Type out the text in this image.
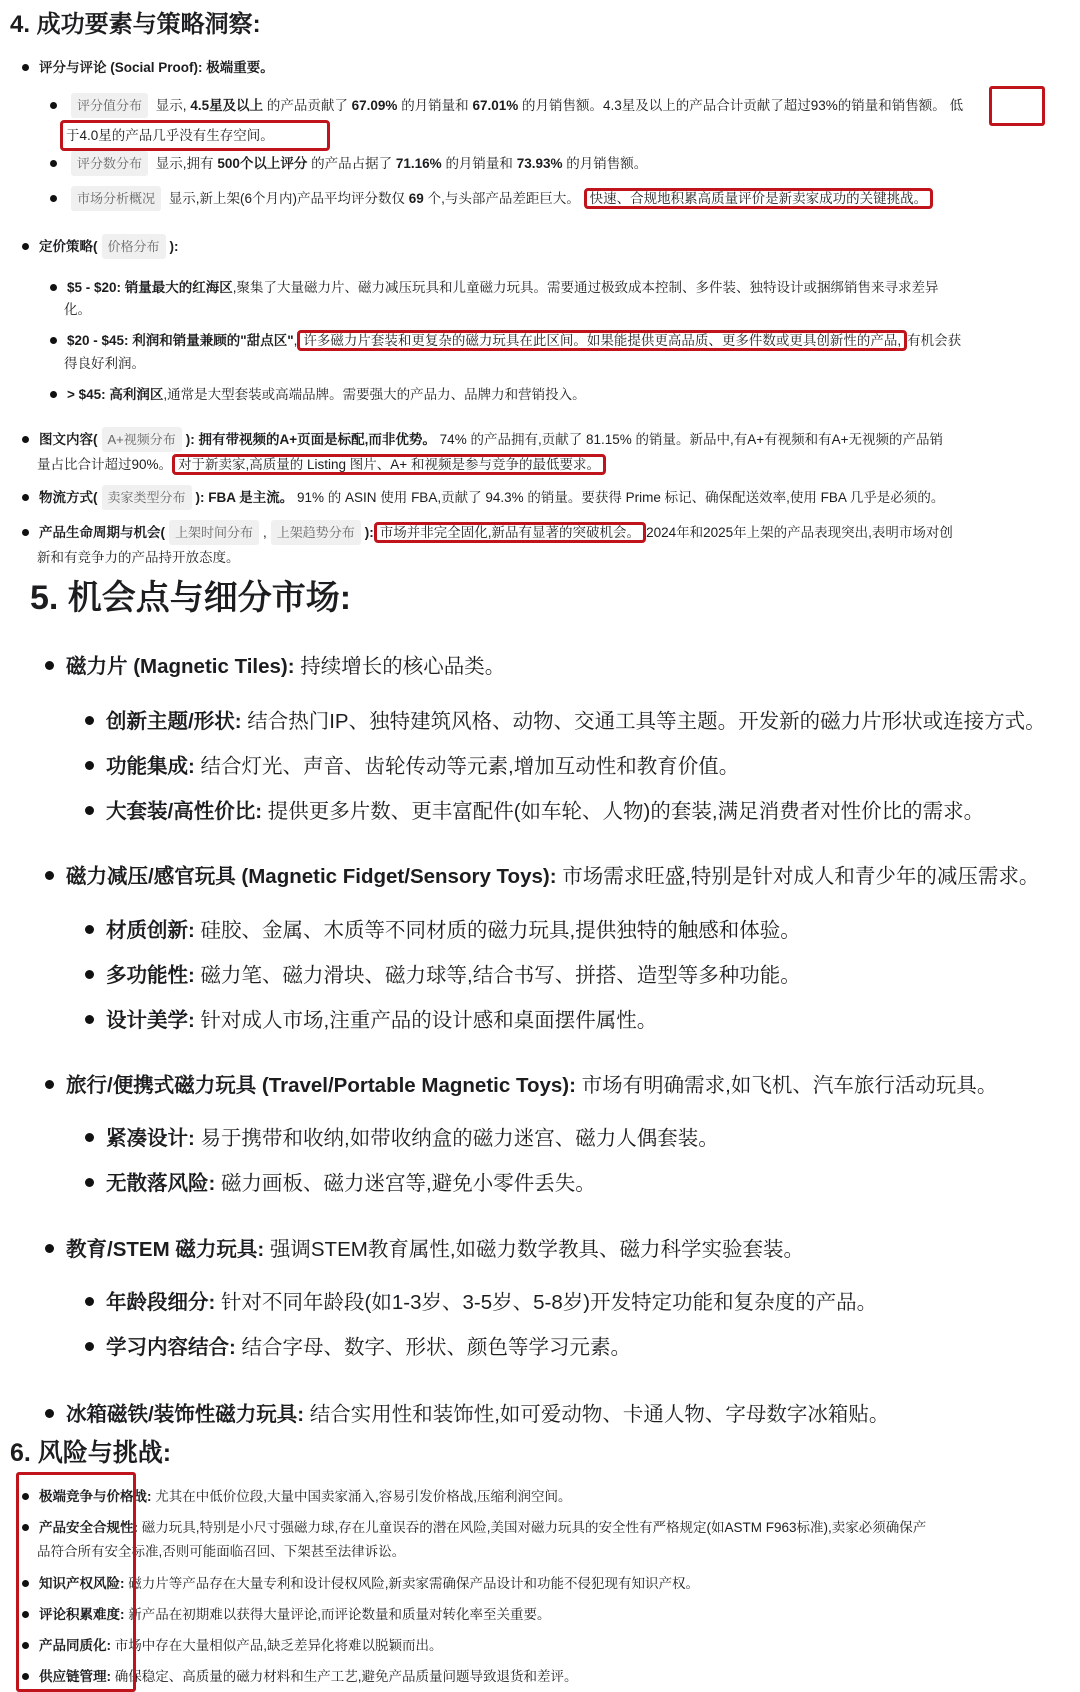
4. 成功要素与策略洞察:
评分与评论 (Social Proof): 极端重要。
评分值分布 显示, 4.5星及以上 的产品贡献了 67.09% 的月销量和 67.01% 的月销售额。4.3星及以上的产品合计贡献了超过93%的销量和销售额。 低
于4.0星的产品几乎没有生存空间。
评分数分布 显示,拥有 500个以上评分 的产品占据了 71.16% 的月销量和 73.93% 的月销售额。
市场分析概况 显示,新上架(6个月内)产品平均评分数仅 69 个,与头部产品差距巨大。 快速、合规地积累高质量评价是新卖家成功的关键挑战。
定价策略( 价格分布 ):
$5 - $20: 销量最大的红海区,聚集了大量磁力片、磁力减压玩具和儿童磁力玩具。需要通过极致成本控制、多件装、独特设计或捆绑销售来寻求差异
化。
$20 - $45: 利润和销量兼顾的"甜点区", 许多磁力片套装和更复杂的磁力玩具在此区间。如果能提供更高品质、更多件数或更具创新性的产品, 有机会获
得良好利润。
> $45: 高利润区,通常是大型套装或高端品牌。需要强大的产品力、品牌力和营销投入。
图文内容( A+视频分布 ): 拥有带视频的A+页面是标配,而非优势。 74% 的产品拥有,贡献了 81.15% 的销量。新品中,有A+有视频和有A+无视频的产品销
量占比合计超过90%。 对于新卖家,高质量的 Listing 图片、A+ 和视频是参与竞争的最低要求。
物流方式( 卖家类型分布 ): FBA 是主流。 91% 的 ASIN 使用 FBA,贡献了 94.3% 的销量。要获得 Prime 标记、确保配送效率,使用 FBA 几乎是必须的。
产品生命周期与机会( 上架时间分布 , 上架趋势分布 ): 市场并非完全固化,新品有显著的突破机会。 2024年和2025年上架的产品表现突出,表明市场对创
新和有竞争力的产品持开放态度。
5. 机会点与细分市场:
磁力片 (Magnetic Tiles): 持续增长的核心品类。
创新主题/形状: 结合热门IP、独特建筑风格、动物、交通工具等主题。开发新的磁力片形状或连接方式。
功能集成: 结合灯光、声音、齿轮传动等元素,增加互动性和教育价值。
大套装/高性价比: 提供更多片数、更丰富配件(如车轮、人物)的套装,满足消费者对性价比的需求。
磁力减压/感官玩具 (Magnetic Fidget/Sensory Toys): 市场需求旺盛,特别是针对成人和青少年的减压需求。
材质创新: 硅胶、金属、木质等不同材质的磁力玩具,提供独特的触感和体验。
多功能性: 磁力笔、磁力滑块、磁力球等,结合书写、拼搭、造型等多种功能。
设计美学: 针对成人市场,注重产品的设计感和桌面摆件属性。
旅行/便携式磁力玩具 (Travel/Portable Magnetic Toys): 市场有明确需求,如飞机、汽车旅行活动玩具。
紧凑设计: 易于携带和收纳,如带收纳盒的磁力迷宫、磁力人偶套装。
无散落风险: 磁力画板、磁力迷宫等,避免小零件丢失。
教育/STEM 磁力玩具: 强调STEM教育属性,如磁力数学教具、磁力科学实验套装。
年龄段细分: 针对不同年龄段(如1-3岁、3-5岁、5-8岁)开发特定功能和复杂度的产品。
学习内容结合: 结合字母、数字、形状、颜色等学习元素。
冰箱磁铁/装饰性磁力玩具: 结合实用性和装饰性,如可爱动物、卡通人物、字母数字冰箱贴。
6. 风险与挑战:
极端竞争与价格战: 尤其在中低价位段,大量中国卖家涌入,容易引发价格战,压缩利润空间。
产品安全合规性: 磁力玩具,特别是小尺寸强磁力球,存在儿童误吞的潜在风险,美国对磁力玩具的安全性有严格规定(如ASTM F963标准),卖家必须确保产
品符合所有安全标准,否则可能面临召回、下架甚至法律诉讼。
知识产权风险: 磁力片等产品存在大量专利和设计侵权风险,新卖家需确保产品设计和功能不侵犯现有知识产权。
评论积累难度: 新产品在初期难以获得大量评论,而评论数量和质量对转化率至关重要。
产品同质化: 市场中存在大量相似产品,缺乏差异化将难以脱颖而出。
供应链管理: 确保稳定、高质量的磁力材料和生产工艺,避免产品质量问题导致退货和差评。
